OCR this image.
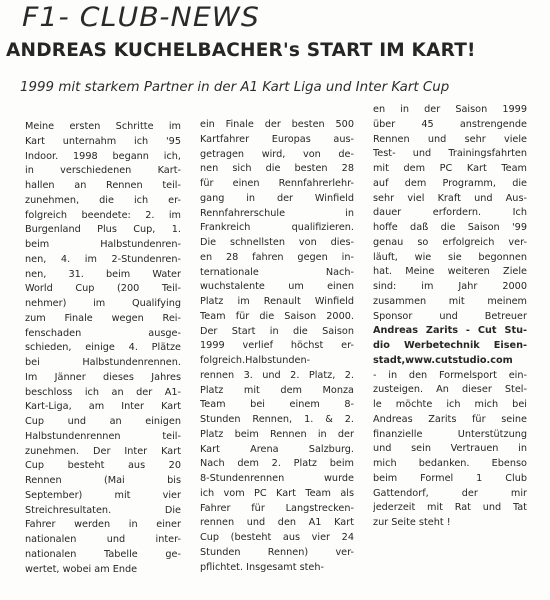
F1- CLUB-NEWS
ANDREAS KUCHELBACHER's START IM KART!
1999 mit starkem Partner in der A1 Kart Liga und Inter Kart Cup
Meine ersten Schritte im
Kart unternahm ich '95
Indoor. 1998 begann ich,
in verschiedenen Kart-
hallen an Rennen teil-
zunehmen, die ich er-
folgreich beendete: 2. im
Burgenland Plus Cup, 1.
beim Halbstundenren-
nen, 4. im 2-Stundenren-
nen, 31. beim Water
World Cup (200 Teil-
nehmer) im Qualifying
zum Finale wegen Rei-
fenschaden ausge-
schieden, einige 4. Plätze
bei Halbstundenrennen.
Im Jänner dieses Jahres
beschloss ich an der A1-
Kart-Liga, am Inter Kart
Cup und an einigen
Halbstundenrennen teil-
zunehmen. Der Inter Kart
Cup besteht aus 20
Rennen (Mai bis
September) mit vier
Streichresultaten. Die
Fahrer werden in einer
nationalen und inter-
nationalen Tabelle ge-
wertet, wobei am Ende
ein Finale der besten 500
Kartfahrer Europas aus-
getragen wird, von de-
nen sich die besten 28
für einen Rennfahrerlehr-
gang in der Winfield
Rennfahrerschule in
Frankreich qualifizieren.
Die schnellsten von dies-
en 28 fahren gegen in-
ternationale Nach-
wuchstalente um einen
Platz im Renault Winfield
Team für die Saison 2000.
Der Start in die Saison
1999 verlief höchst er-
folgreich.Halbstunden-
rennen 3. und 2. Platz, 2.
Platz mit dem Monza
Team bei einem 8-
Stunden Rennen, 1. & 2.
Platz beim Rennen in der
Kart Arena Salzburg.
Nach dem 2. Platz beim
8-Stundenrennen wurde
ich vom PC Kart Team als
Fahrer für Langstrecken-
rennen und den A1 Kart
Cup (besteht aus vier 24
Stunden Rennen) ver-
pflichtet. Insgesamt steh-
en in der Saison 1999
über 45 anstrengende
Rennen und sehr viele
Test- und Trainingsfahrten
mit dem PC Kart Team
auf dem Programm, die
sehr viel Kraft und Aus-
dauer erfordern. Ich
hoffe daß die Saison '99
genau so erfolgreich ver-
läuft, wie sie begonnen
hat. Meine weiteren Ziele
sind: im Jahr 2000
zusammen mit meinem
Sponsor und Betreuer
Andreas Zarits - Cut Stu-
dio Werbetechnik Eisen-
stadt,www.cutstudio.com
- in den Formelsport ein-
zusteigen. An dieser Stel-
le möchte ich mich bei
Andreas Zarits für seine
finanzielle Unterstützung
und sein Vertrauen in
mich bedanken. Ebenso
beim Formel 1 Club
Gattendorf, der mir
jederzeit mit Rat und Tat
zur Seite steht !
